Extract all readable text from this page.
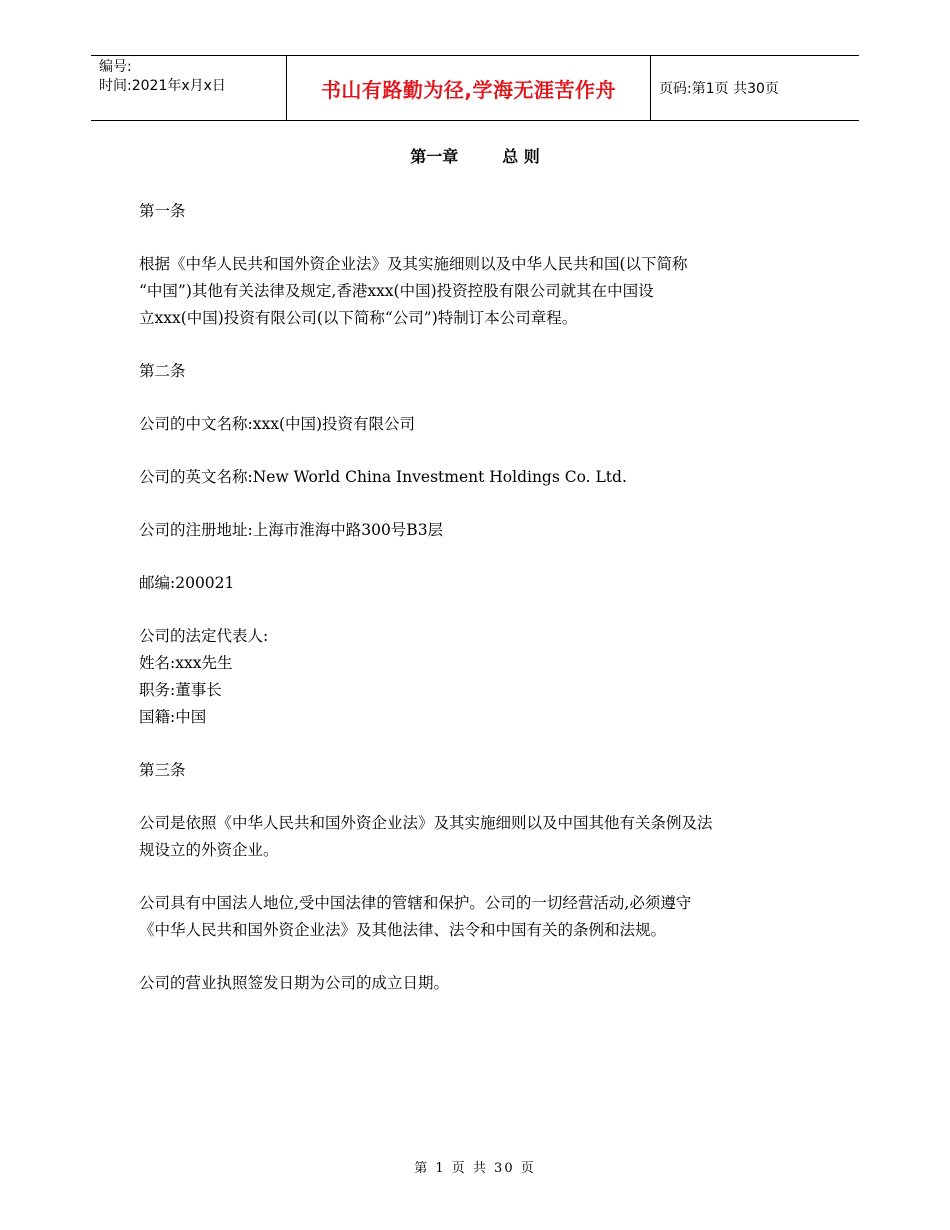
编号:
时间:2021年x月x日	书山有路勤为径,学海无涯苦作舟	页码:第1页 共30页
第一章	总 则

第一条

根据《中华人民共和国外资企业法》及其实施细则以及中华人民共和国(以下简称

“中国”)其他有关法律及规定,香港xxx(中国)投资控股有限公司就其在中国设

立xxx(中国)投资有限公司(以下简称“公司”)特制订本公司章程。

第二条

公司的中文名称:xxx(中国)投资有限公司

公司的英文名称:New World China Investment Holdings Co. Ltd.

公司的注册地址:上海市淮海中路300号B3层

邮编:200021

公司的法定代表人:

姓名:xxx先生

职务:董事长

国籍:中国

第三条

公司是依照《中华人民共和国外资企业法》及其实施细则以及中国其他有关条例及法

规设立的外资企业。

公司具有中国法人地位,受中国法律的管辖和保护。公司的一切经营活动,必须遵守

《中华人民共和国外资企业法》及其他法律、法令和中国有关的条例和法规。

公司的营业执照签发日期为公司的成立日期。

第 1 页 共 30 页
